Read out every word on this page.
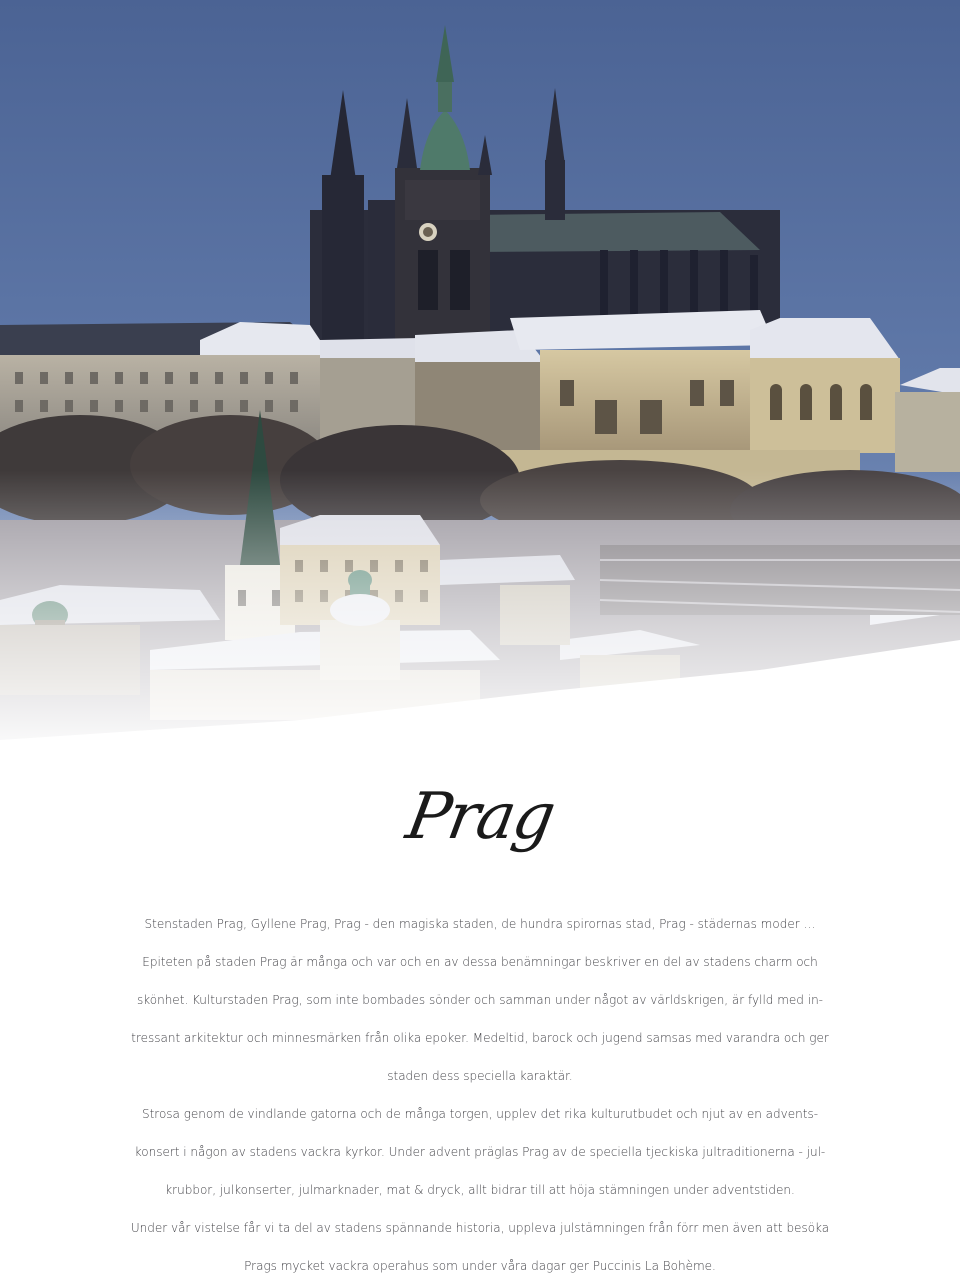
Prag
Stenstaden Prag, Gyllene Prag, Prag - den magiska staden, de hundra spirornas stad, Prag - städernas moder …
Epiteten på staden Prag är många och var och en av dessa benämningar beskriver en del av stadens charm och
skönhet. Kulturstaden Prag, som inte bombades sönder och samman under något av världskrigen, är fylld med in-
tressant arkitektur och minnesmärken från olika epoker. Medeltid, barock och jugend samsas med varandra och ger
staden dess speciella karaktär.
Strosa genom de vindlande gatorna och de många torgen, upplev det rika kulturutbudet och njut av en advents-
konsert i någon av stadens vackra kyrkor. Under advent präglas Prag av de speciella tjeckiska jultraditionerna - jul-
krubbor, julkonserter, julmarknader, mat & dryck, allt bidrar till att höja stämningen under adventstiden.
Under vår vistelse får vi ta del av stadens spännande historia, uppleva julstämningen från förr men även att besöka
Prags mycket vackra operahus som under våra dagar ger Puccinis La Bohème.
